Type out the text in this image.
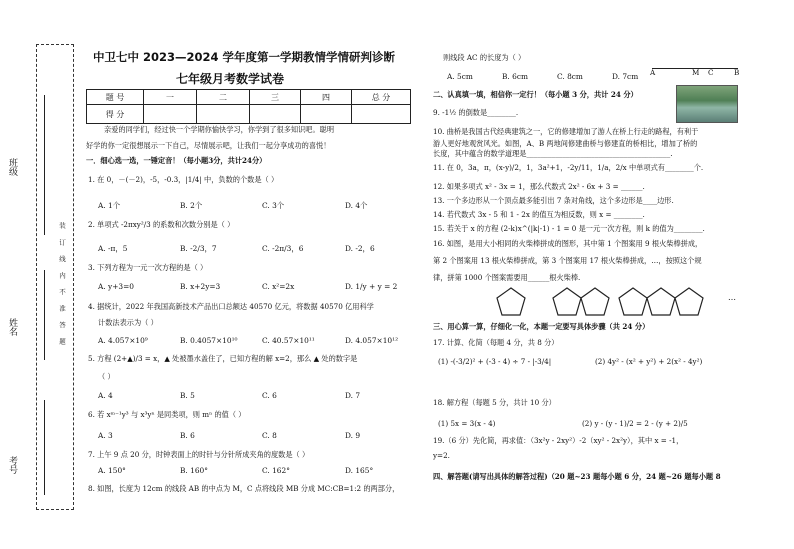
班级
姓名
考号
装 订 线 内 不 准 答 题
中卫七中 2023—2024 学年度第一学期教情学情研判诊断
七年级月考数学试卷
题 号	一	二	三	四	总 分
得 分					
亲爱的同学们，经过快一个学期你愉快学习，你学到了很多知识吧。聪明
好学的你一定很想展示一下自己，尽情展示吧，让我们一起分享成功的喜悦！
一．细心选一选，一锤定音！（每小题3分，共计24分）
1. 在 0，－(－2)，-5，-0.3，|1/4| 中，负数的个数是（ ）
A. 1个	B. 2个	C. 3个	D. 4个
2. 单项式 -2πxy²/3 的系数和次数分别是（ ）
A. -π，5	B. -2/3，7	C. -2π/3，6	D. -2，6
3. 下列方程为一元一次方程的是（ ）
A. y+3=0	B. x+2y=3	C. x²=2x	D. 1/y + y = 2
4. 据统计，2022 年我国高新技术产品出口总额达 40570 亿元，将数据 40570 亿用科学
计数法表示为（ ）
A. 4.057×10⁹	B. 0.4057×10¹⁰	C. 40.57×10¹¹	D. 4.057×10¹²
5. 方程 (2+▲)/3 = x，▲ 处被墨水盖住了，已知方程的解 x=2，那么 ▲ 处的数字是
（ ）
A. 4	B. 5	C. 6	D. 7
6. 若 xᵐ⁻¹y³ 与 x³yⁿ 是同类项，则 mⁿ 的值（ ）
A. 3	B. 6	C. 8	D. 9
7. 上午 9 点 20 分，时钟表面上的时针与分针所成夹角的度数是（ ）
A. 150°	B. 160°	C. 162°	D. 165°
8. 如图，长度为 12cm 的线段 AB 的中点为 M，C 点将线段 MB 分成 MC:CB=1:2 的两部分，
则线段 AC 的长度为（ ）
A. 5cm	B. 6cm	C. 8cm	D. 7cm A	M C	B
二、认真填一填，相信你一定行！（每小题 3 分，共计 24 分）
9. -1½ 的倒数是________.
10. 曲桥是我国古代经典建筑之一，它的修建增加了游人在桥上行走的路程，有利于
游人更好地观赏风光。如图，A、B 两地间修建曲桥与修建直的桥相比，增加了桥的
长度，其中蕴含的数学道理是________________________________________.
11. 在 0，3a，π，(x-y)/2，1，3a²+1，-2y/11，1/a，2/x 中单项式有________个.
12. 如果多项式 x² - 3x = 1，那么代数式 2x² - 6x + 3 = ______.
13. 一个多边形从一个顶点最多能引出 7 条对角线，这个多边形是____边形.
14. 若代数式 3x - 5 和 1 - 2x 的值互为相反数，则 x = ________.
15. 若关于 x 的方程 (2-k)x^(|k|-1) - 1 = 0 是一元一次方程，则 k 的值为________.
16. 如图，是用大小相同的火柴棒拼成的图形，其中第 1 个图案用 9 根火柴棒拼成，
第 2 个图案用 13 根火柴棒拼成，第 3 个图案用 17 根火柴棒拼成，…，按照这个规
律，拼第 1000 个图案需要用______根火柴棒.
…
三、用心算一算，仔细化一化，本题一定要写具体步骤（共 24 分）
17. 计算、化简（每题 4 分，共 8 分）
(1) -(-3/2)² + (-3 - 4) ÷ 7 - |-3/4|	(2) 4y² - (x² + y²) + 2(x² - 4y²)
18. 解方程（每题 5 分，共计 10 分）
(1) 5x = 3(x - 4)	(2) y - (y - 1)/2 = 2 - (y + 2)/5
19.（6 分）先化简，再求值：（3x²y - 2xy²）-2（xy² - 2x²y），其中 x = -1，
y=2.
四、解答题(请写出具体的解答过程)（20 题~23 题每小题 6 分，24 题~26 题每小题 8
